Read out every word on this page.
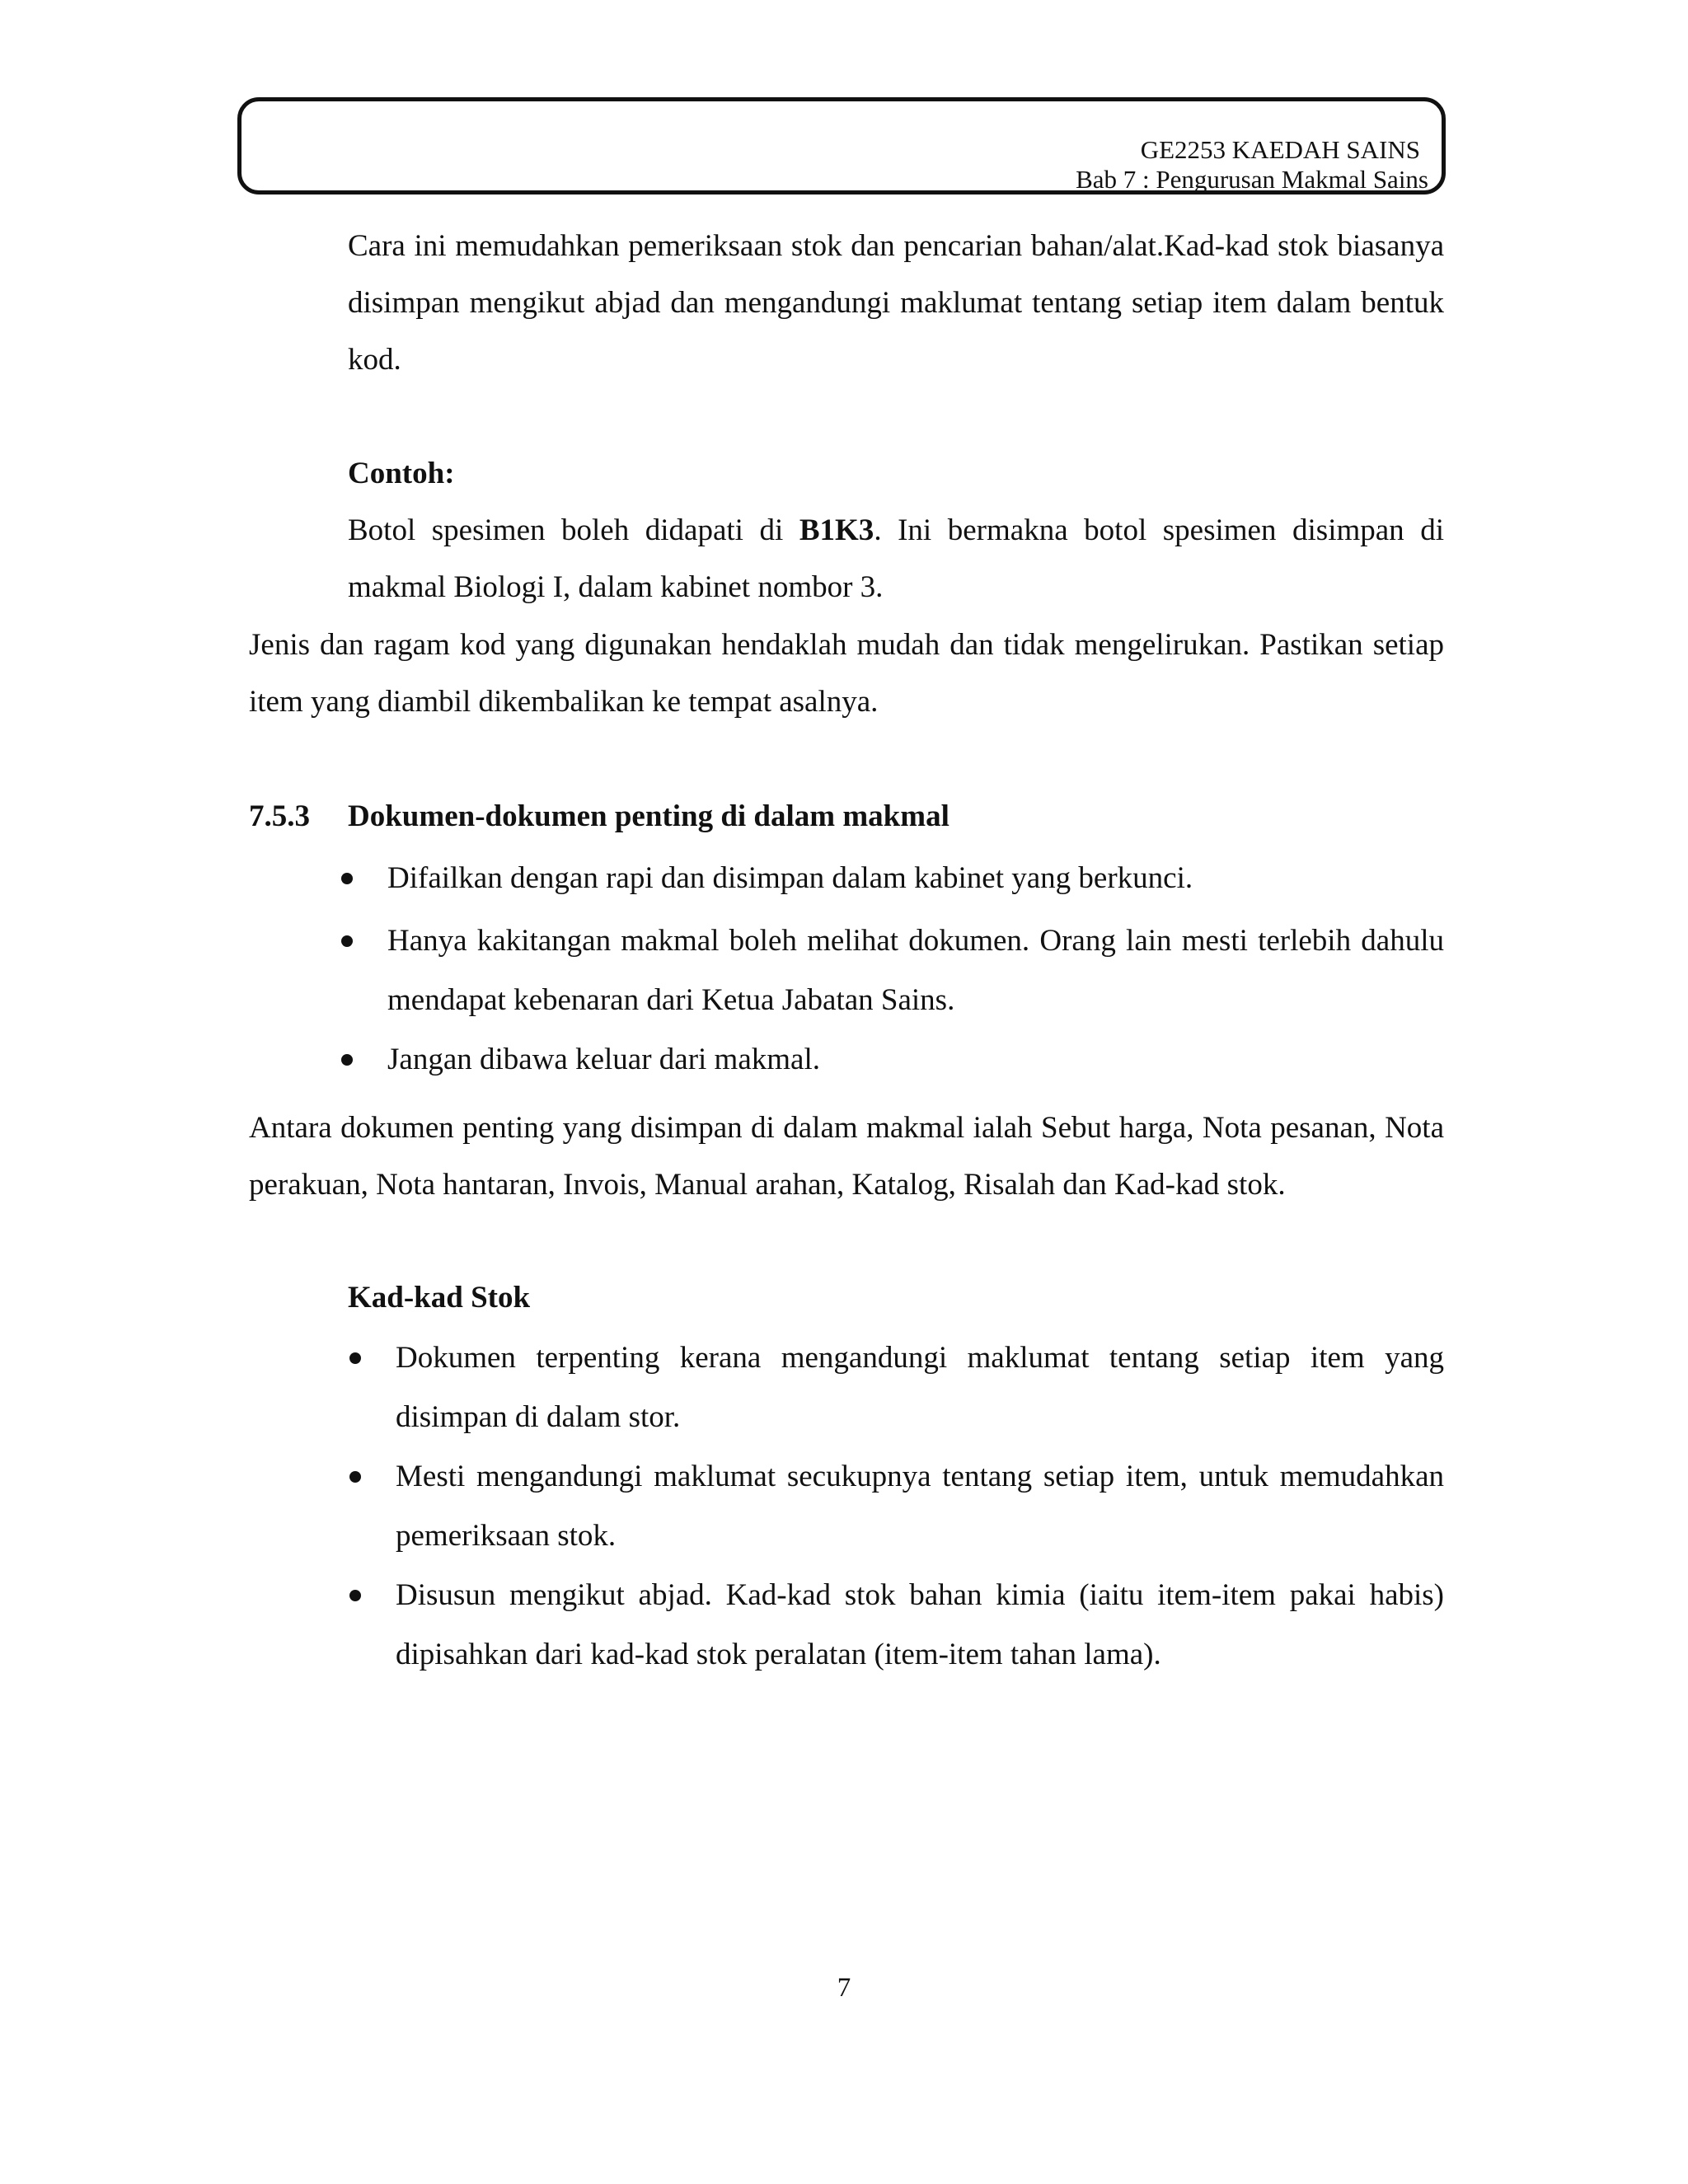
GE2253 KAEDAH SAINS
Bab 7 : Pengurusan Makmal Sains
Cara ini memudahkan pemeriksaan stok dan pencarian bahan/alat.Kad-kad stok biasanya disimpan mengikut abjad dan mengandungi maklumat tentang setiap item dalam bentuk kod.
Contoh:
Botol spesimen boleh didapati di B1K3. Ini bermakna botol spesimen disimpan di makmal Biologi I, dalam kabinet nombor 3.
Jenis dan ragam kod yang digunakan hendaklah mudah dan tidak mengelirukan. Pastikan setiap item yang diambil dikembalikan ke tempat asalnya.
7.5.3 Dokumen-dokumen penting di dalam makmal
Difailkan dengan rapi dan disimpan dalam kabinet yang berkunci.
Hanya kakitangan makmal boleh melihat dokumen. Orang lain mesti terlebih dahulu mendapat kebenaran dari Ketua Jabatan Sains.
Jangan dibawa keluar dari makmal.
Antara dokumen penting yang disimpan di dalam makmal ialah Sebut harga, Nota pesanan, Nota perakuan, Nota hantaran, Invois, Manual arahan, Katalog, Risalah dan Kad-kad stok.
Kad-kad Stok
Dokumen terpenting kerana mengandungi maklumat tentang setiap item yang disimpan di dalam stor.
Mesti mengandungi maklumat secukupnya tentang setiap item, untuk memudahkan pemeriksaan stok.
Disusun mengikut abjad. Kad-kad stok bahan kimia (iaitu item-item pakai habis) dipisahkan dari kad-kad stok peralatan (item-item tahan lama).
7
